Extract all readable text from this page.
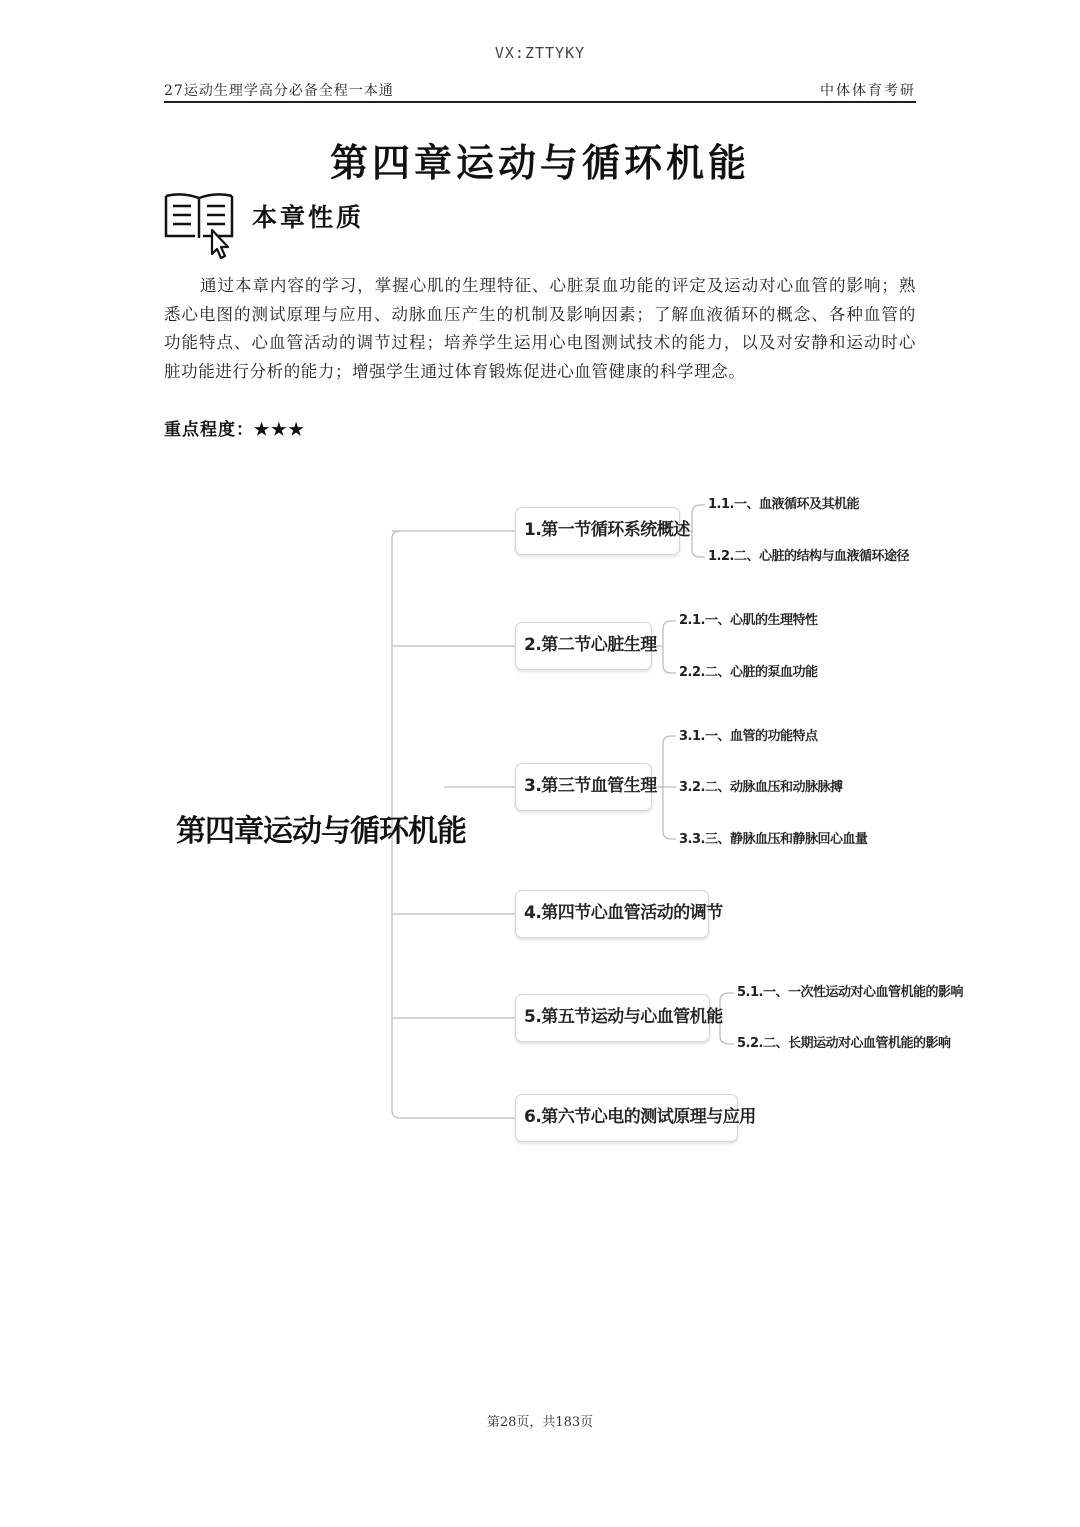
VX:ZTTYKY
27运动生理学高分必备全程一本通	中体体育考研
第四章运动与循环机能
本章性质

通过本章内容的学习，掌握心肌的生理特征、心脏泵血功能的评定及运动对心血管的影响；熟悉心电图的测试原理与应用、动脉血压产生的机制及影响因素；了解血液循环的概念、各种血管的功能特点、心血管活动的调节过程；培养学生运用心电图测试技术的能力，以及对安静和运动时心脏功能进行分析的能力；增强学生通过体育锻炼促进心血管健康的科学理念。

重点程度：★★★
第四章运动与循环机能
1.第一节循环系统概述
2.第二节心脏生理
3.第三节血管生理
4.第四节心血管活动的调节
5.第五节运动与心血管机能
6.第六节心电的测试原理与应用
1.1.一、血液循环及其机能
1.2.二、心脏的结构与血液循环途径
2.1.一、心肌的生理特性
2.2.二、心脏的泵血功能
3.1.一、血管的功能特点
3.2.二、动脉血压和动脉脉搏
3.3.三、静脉血压和静脉回心血量
5.1.一、一次性运动对心血管机能的影响
5.2.二、长期运动对心血管机能的影响
第28页，共183页
